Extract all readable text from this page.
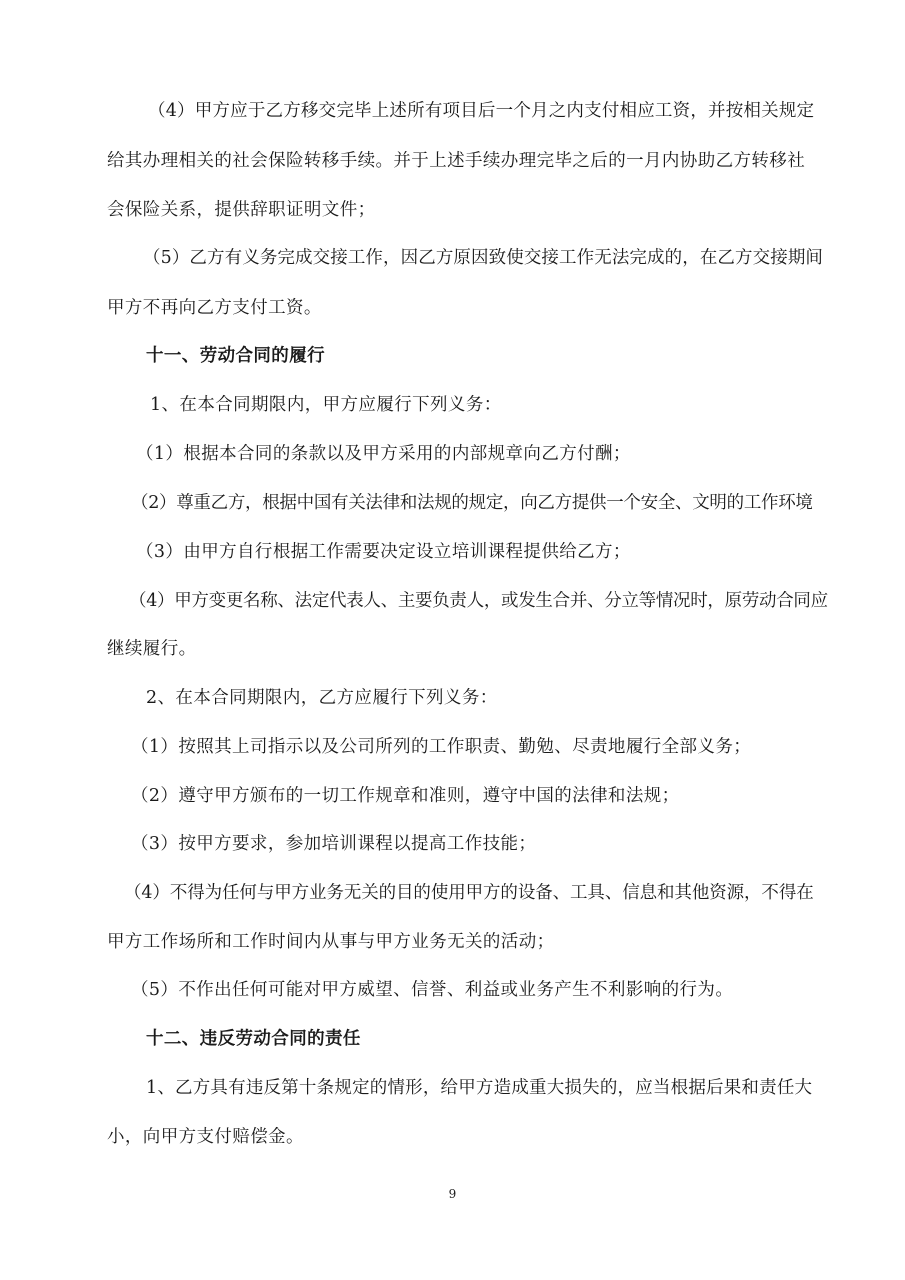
（4）甲方应于乙方移交完毕上述所有项目后一个月之内支付相应工资，并按相关规定
给其办理相关的社会保险转移手续。并于上述手续办理完毕之后的一月内协助乙方转移社
会保险关系，提供辞职证明文件；
（5）乙方有义务完成交接工作，因乙方原因致使交接工作无法完成的，在乙方交接期间
甲方不再向乙方支付工资。
十一、劳动合同的履行
1、在本合同期限内，甲方应履行下列义务：
（1）根据本合同的条款以及甲方采用的内部规章向乙方付酬；
（2）尊重乙方，根据中国有关法律和法规的规定，向乙方提供一个安全、文明的工作环境
（3）由甲方自行根据工作需要决定设立培训课程提供给乙方；
（4）甲方变更名称、法定代表人、主要负责人，或发生合并、分立等情况时，原劳动合同应
继续履行。
2、在本合同期限内，乙方应履行下列义务：
（1）按照其上司指示以及公司所列的工作职责、勤勉、尽责地履行全部义务；
（2）遵守甲方颁布的一切工作规章和准则，遵守中国的法律和法规；
（3）按甲方要求，参加培训课程以提高工作技能；
（4）不得为任何与甲方业务无关的目的使用甲方的设备、工具、信息和其他资源，不得在
甲方工作场所和工作时间内从事与甲方业务无关的活动；
（5）不作出任何可能对甲方威望、信誉、利益或业务产生不利影响的行为。
十二、违反劳动合同的责任
1、乙方具有违反第十条规定的情形，给甲方造成重大损失的，应当根据后果和责任大
小，向甲方支付赔偿金。
9
